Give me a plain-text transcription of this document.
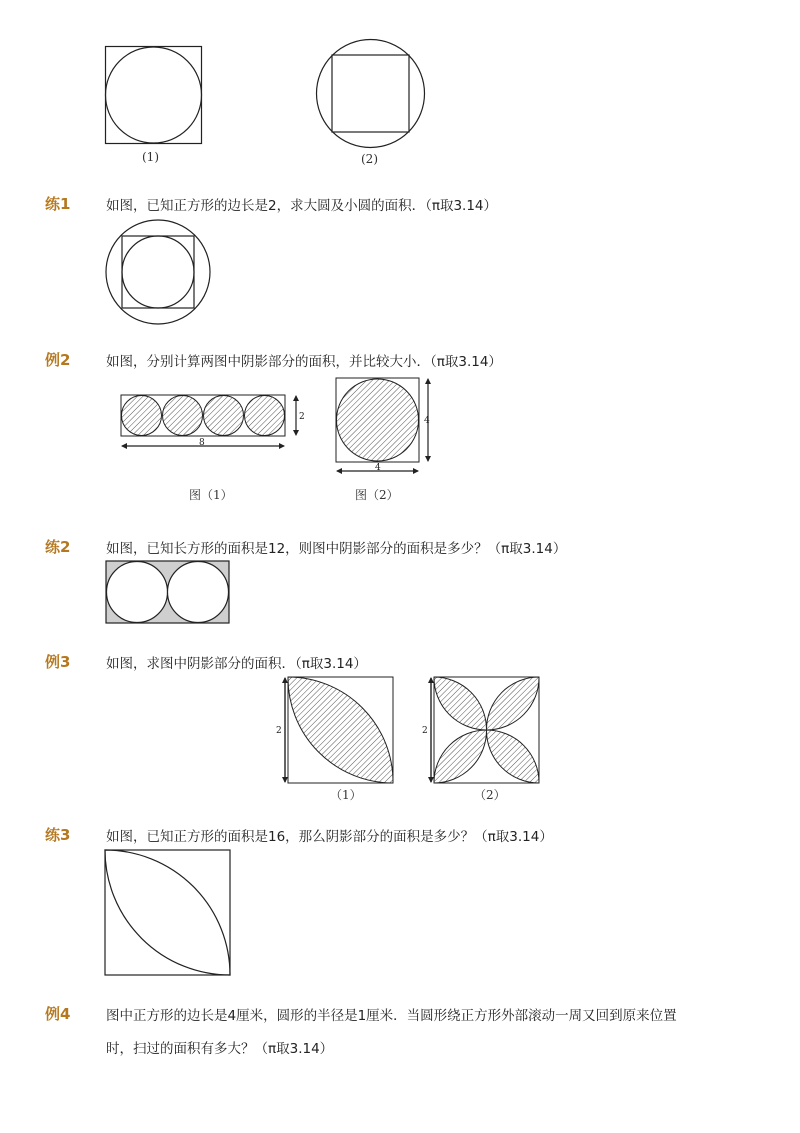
(1)	(2)
练1	如图，已知正方形的边长是2，求大圆及小圆的面积．（π取3.14）
例2	如图，分别计算两图中阴影部分的面积，并比较大小．（π取3.14）
2
8
图（1）
4
4
图（2）
练2	如图，已知长方形的面积是12，则图中阴影部分的面积是多少？（π取3.14）
例3	如图，求图中阴影部分的面积．（π取3.14）
2
（1）
2
（2）
练3	如图，已知正方形的面积是16，那么阴影部分的面积是多少？（π取3.14）
例4	图中正方形的边长是4厘米，圆形的半径是1厘米．当圆形绕正方形外部滚动一周又回到原来位置
时，扫过的面积有多大？（π取3.14）
